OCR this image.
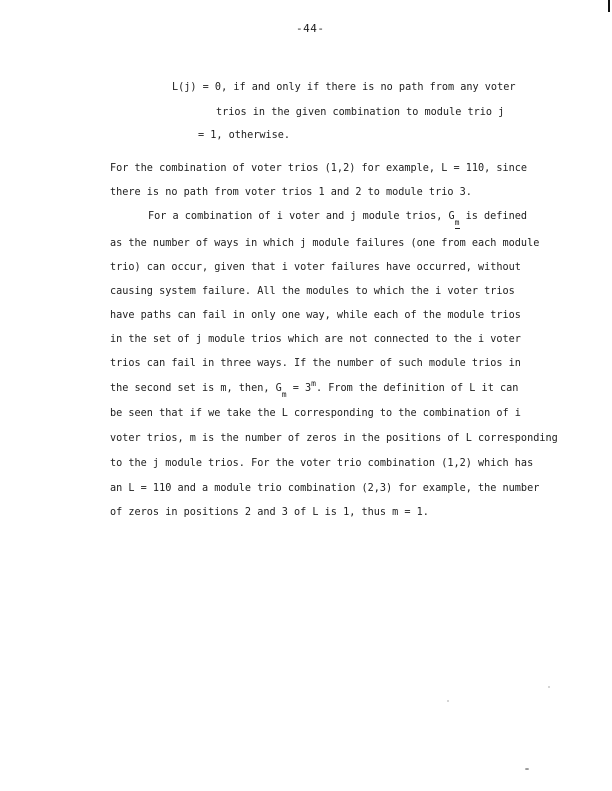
-44-
L(j) = 0, if and only if there is no path from any voter
trios in the given combination to module trio j
= 1, otherwise.
For the combination of voter trios (1,2) for example, L = 110, since
there is no path from voter trios 1 and 2 to module trio 3.
For a combination of i voter and j module trios, Gm is defined
as the number of ways in which j module failures (one from each module
trio) can occur, given that i voter failures have occurred, without
causing system failure. All the modules to which the i voter trios
have paths can fail in only one way, while each of the module trios
in the set of j module trios which are not connected to the i voter
trios can fail in three ways. If the number of such module trios in
the second set is m, then, $G_m = 3^m$. From the definition of L it can
be seen that if we take the L corresponding to the combination of i
voter trios, m is the number of zeros in the positions of L corresponding
to the j module trios. For the voter trio combination (1,2) which has
an L = 110 and a module trio combination (2,3) for example, the number
of zeros in positions 2 and 3 of L is 1, thus m = 1.
